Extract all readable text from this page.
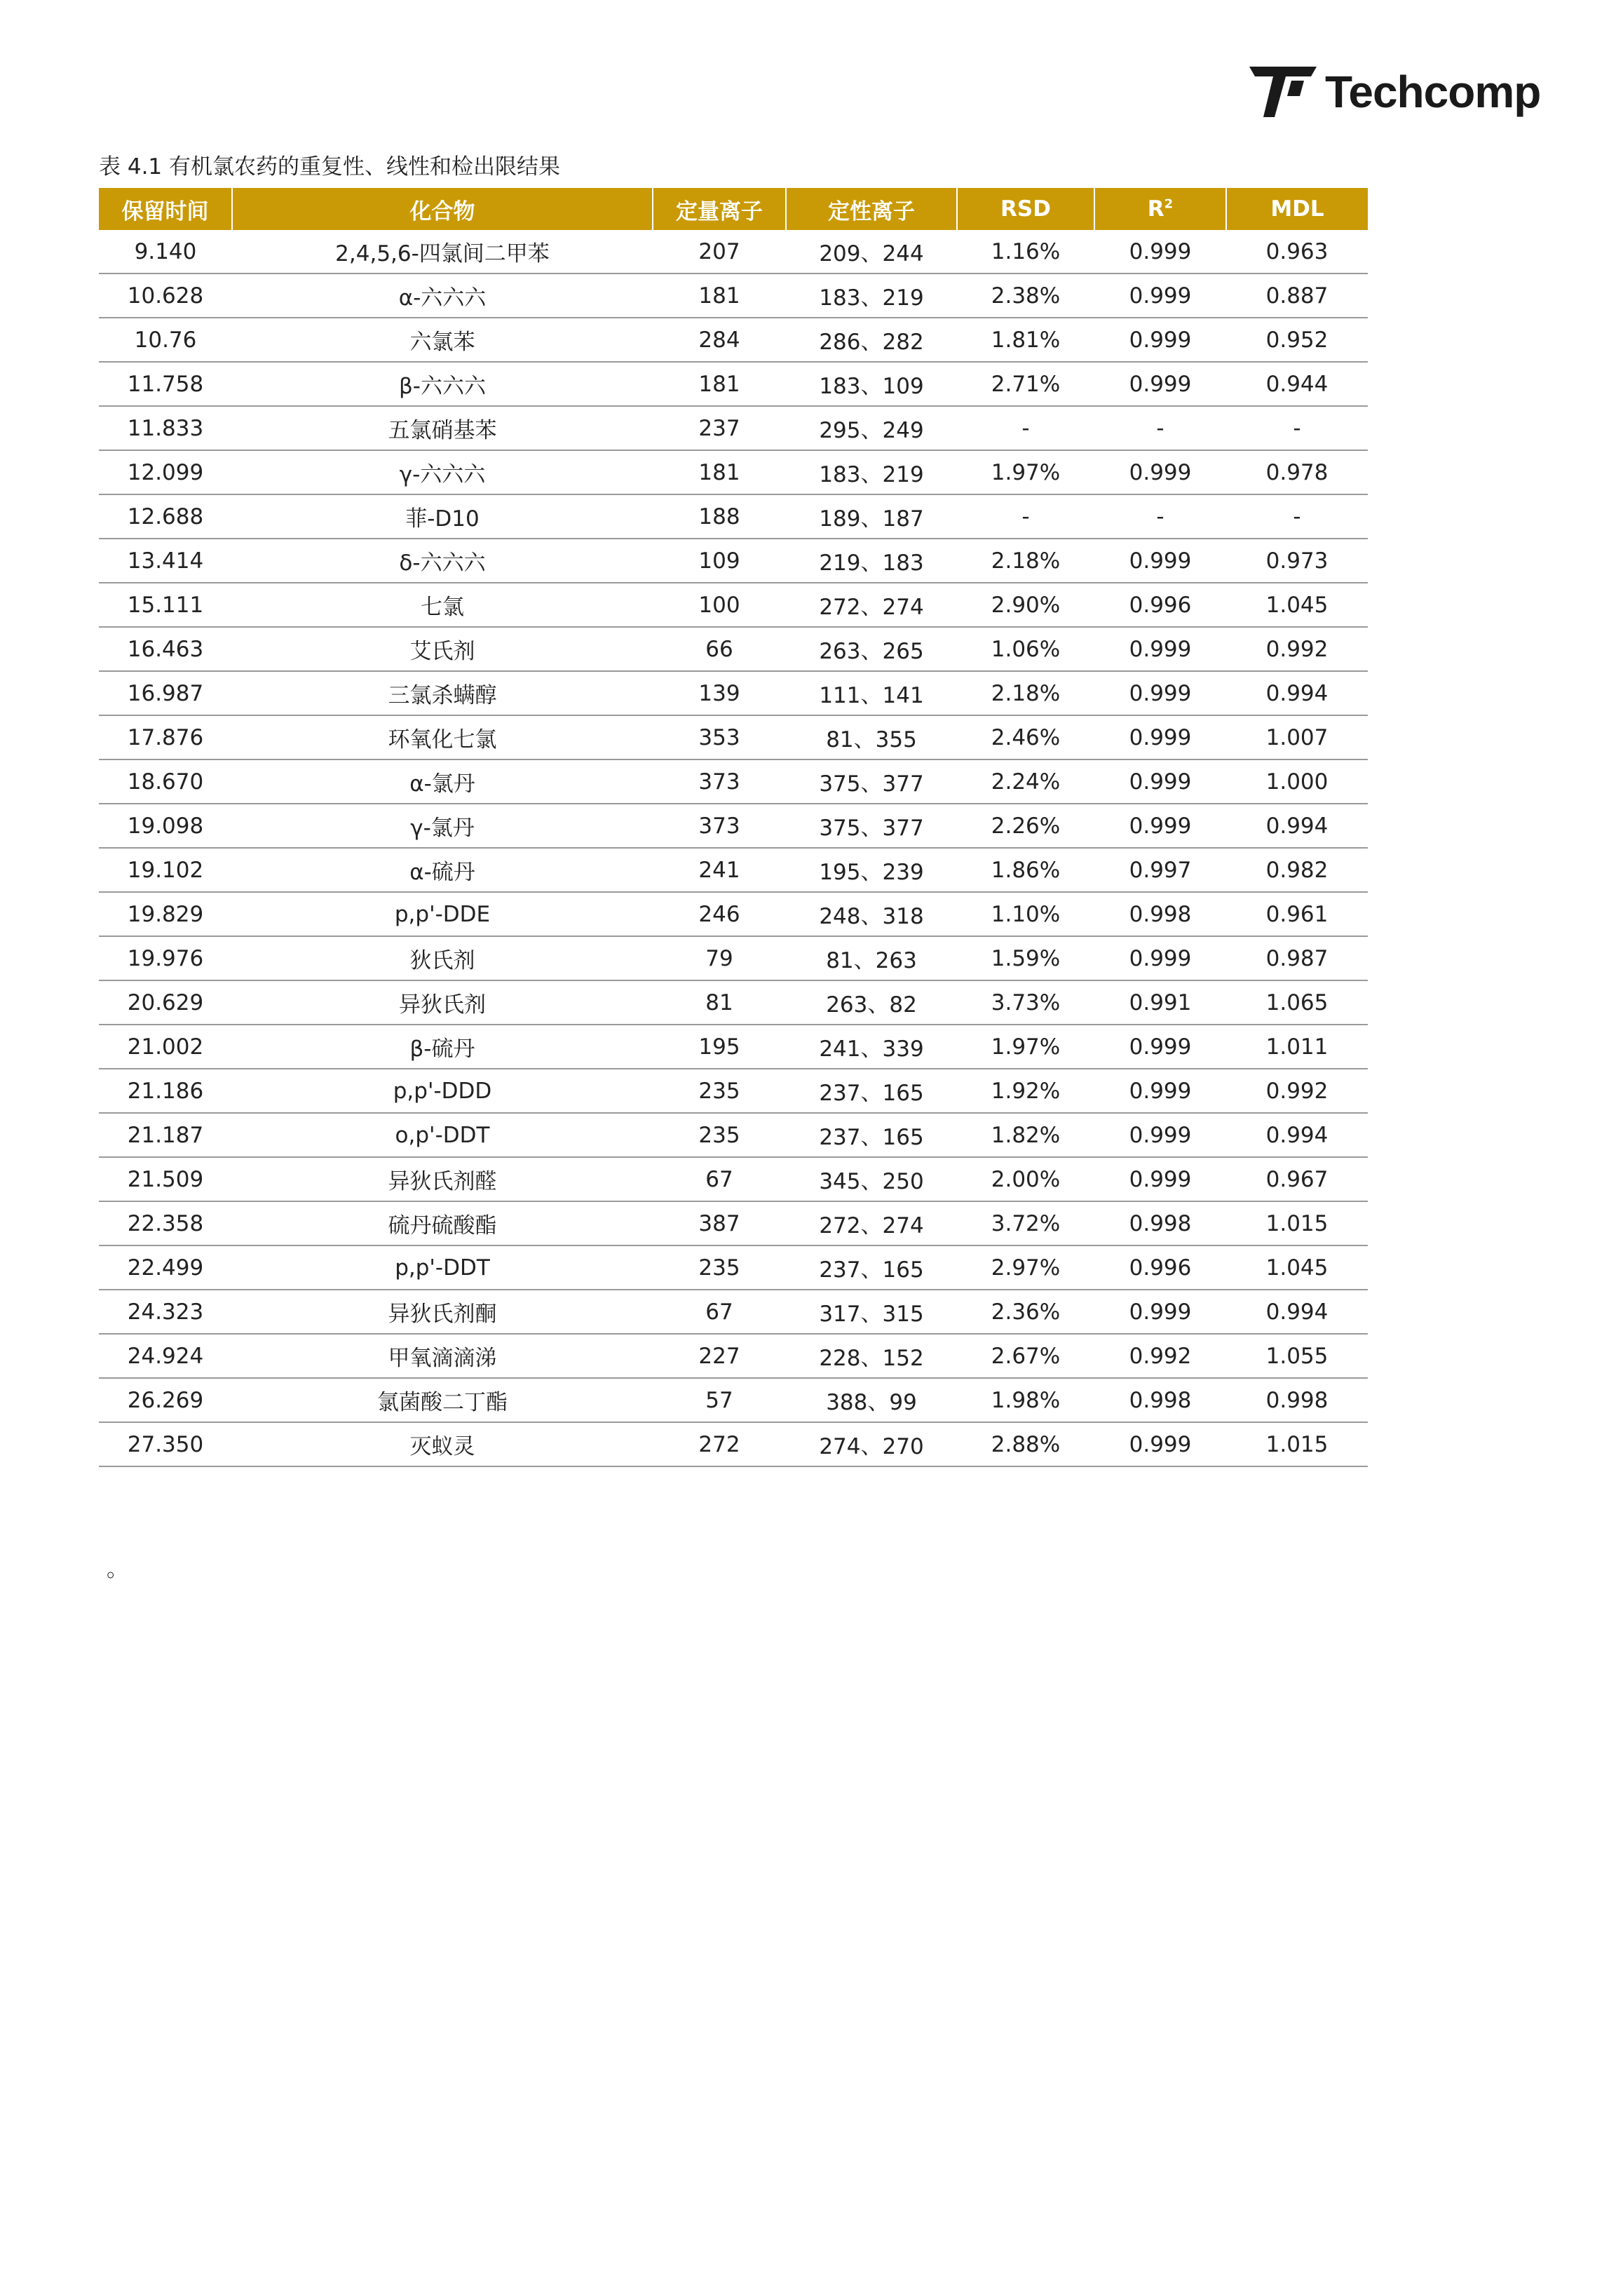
Techcomp
表 4.1 有机氯农药的重复性、线性和检出限结果
保留时间	化合物	定量离子	定性离子	RSD	$R^2$	MDL
9.140	2,4,5,6-四氯间二甲苯	207	209、244	1.16%	0.999	0.963
10.628	α-六六六	181	183、219	2.38%	0.999	0.887
10.76	六氯苯	284	286、282	1.81%	0.999	0.952
11.758	β-六六六	181	183、109	2.71%	0.999	0.944
11.833	五氯硝基苯	237	295、249	-	-	-
12.099	γ-六六六	181	183、219	1.97%	0.999	0.978
12.688	菲-D10	188	189、187	-	-	-
13.414	δ-六六六	109	219、183	2.18%	0.999	0.973
15.111	七氯	100	272、274	2.90%	0.996	1.045
16.463	艾氏剂	66	263、265	1.06%	0.999	0.992
16.987	三氯杀螨醇	139	111、141	2.18%	0.999	0.994
17.876	环氧化七氯	353	81、355	2.46%	0.999	1.007
18.670	α-氯丹	373	375、377	2.24%	0.999	1.000
19.098	γ-氯丹	373	375、377	2.26%	0.999	0.994
19.102	α-硫丹	241	195、239	1.86%	0.997	0.982
19.829	p,p'-DDE	246	248、318	1.10%	0.998	0.961
19.976	狄氏剂	79	81、263	1.59%	0.999	0.987
20.629	异狄氏剂	81	263、82	3.73%	0.991	1.065
21.002	β-硫丹	195	241、339	1.97%	0.999	1.011
21.186	p,p'-DDD	235	237、165	1.92%	0.999	0.992
21.187	o,p'-DDT	235	237、165	1.82%	0.999	0.994
21.509	异狄氏剂醛	67	345、250	2.00%	0.999	0.967
22.358	硫丹硫酸酯	387	272、274	3.72%	0.998	1.015
22.499	p,p'-DDT	235	237、165	2.97%	0.996	1.045
24.323	异狄氏剂酮	67	317、315	2.36%	0.999	0.994
24.924	甲氧滴滴涕	227	228、152	2.67%	0.992	1.055
26.269	氯菌酸二丁酯	57	388、99	1.98%	0.998	0.998
27.350	灭蚁灵	272	274、270	2.88%	0.999	1.015
。
